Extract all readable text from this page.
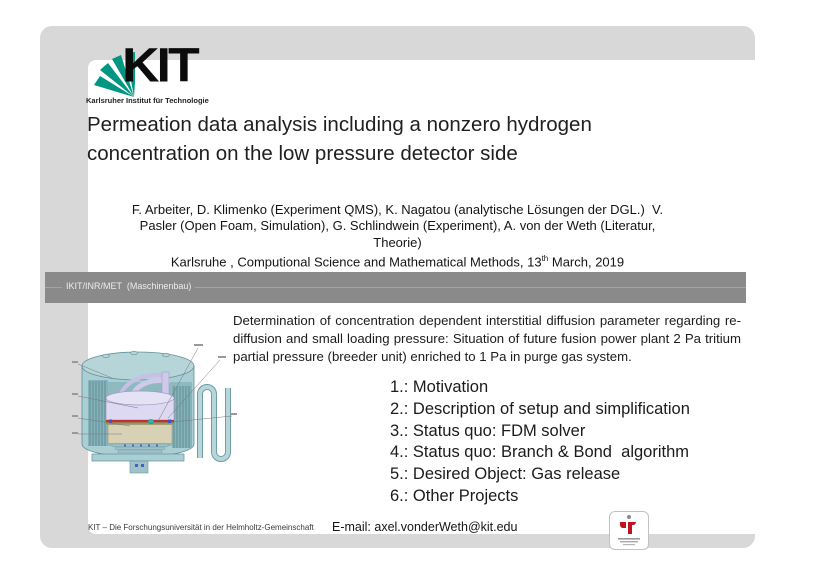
KIT
Karlsruher Institut für Technologie
Permeation data analysis including a nonzero hydrogen
concentration on the low pressure detector side
F. Arbeiter, D. Klimenko (Experiment QMS), K. Nagatou (analytische Lösungen der DGL.)  V.
Pasler (Open Foam, Simulation), G. Schlindwein (Experiment), A. von der Weth (Literatur,
Theorie)
Karlsruhe , Computional Science and Mathematical Methods, 13th March, 2019
IKIT/INR/MET  (Maschinenbau)
Determination of concentration dependent interstitial diffusion parameter regarding re-diffusion and small loading pressure: Situation of future fusion power plant 2 Pa tritium partial pressure (breeder unit) enriched to 1 Pa in purge gas system.
1.: Motivation
2.: Description of setup and simplification
3.: Status quo: FDM solver
4.: Status quo: Branch & Bond  algorithm
5.: Desired Object: Gas release
6.: Other Projects
KIT – Die Forschungsuniversität in der Helmholtz-Gemeinschaft E-mail: axel.vonderWeth@kit.edu	www.kit.edu
